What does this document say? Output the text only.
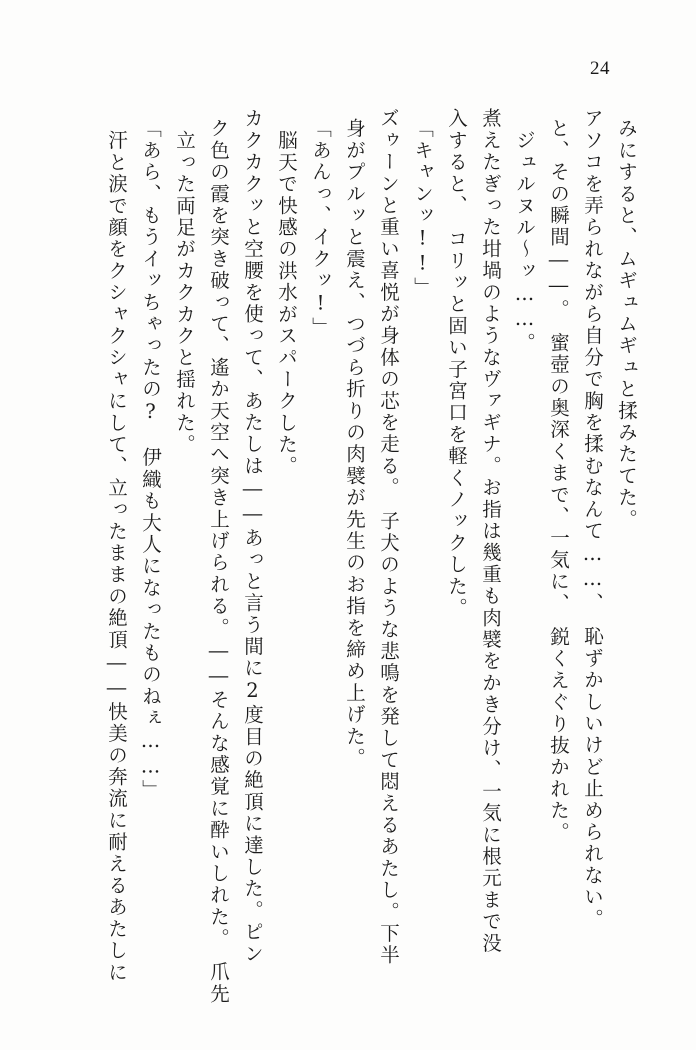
24
みにすると、ムギュムギュと揉みたてた。
アソコを弄られながら自分で胸を揉むなんて……、　恥ずかしいけど止められない。
と、その瞬間――。　蜜壺の奥深くまで、一気に、　鋭くえぐり抜かれた。
ジュルヌル～ッ……。
煮えたぎった坩堝のようなヴァギナ。お指は幾重も肉襞をかき分け、一気に根元まで没
入すると、　コリッと固い子宮口を軽くノックした。
「キャンッ!!」
ズゥーンと重い喜悦が身体の芯を走る。　子犬のような悲鳴を発して悶えるあたし。下半
身がプルッと震え、つづら折りの肉襞が先生のお指を締め上げた。
「あんっ、イクッ!」
脳天で快感の洪水がスパークした。
カクカクッと空腰を使って、あたしは――あっと言う間に2度目の絶頂に達した。ピン
ク色の霞を突き破って、遙か天空へ突き上げられる。――そんな感覚に酔いしれた。　爪先
立った両足がカクカクと揺れた。
「あら、もうイッちゃったの?　伊織も大人になったものねぇ……」
汗と涙で顔をクシャクシャにして、立ったままの絶頂――快美の奔流に耐えるあたしに
